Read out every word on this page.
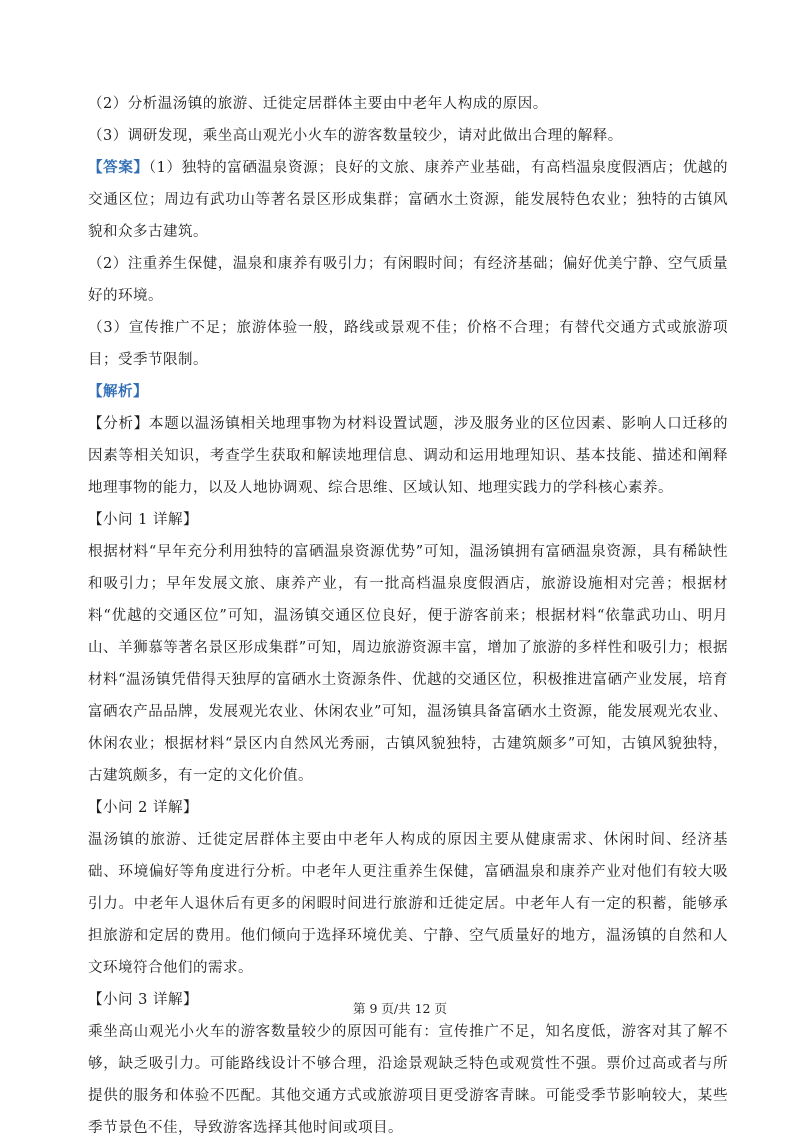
（2）分析温汤镇的旅游、迁徙定居群体主要由中老年人构成的原因。

（3）调研发现，乘坐高山观光小火车的游客数量较少，请对此做出合理的解释。

【答案】（1）独特的富硒温泉资源；良好的文旅、康养产业基础，有高档温泉度假酒店；优越的交通区位；周边有武功山等著名景区形成集群；富硒水土资源，能发展特色农业；独特的古镇风貌和众多古建筑。

（2）注重养生保健，温泉和康养有吸引力；有闲暇时间；有经济基础；偏好优美宁静、空气质量好的环境。

（3）宣传推广不足；旅游体验一般，路线或景观不佳；价格不合理；有替代交通方式或旅游项目；受季节限制。

【解析】

【分析】本题以温汤镇相关地理事物为材料设置试题，涉及服务业的区位因素、影响人口迁移的因素等相关知识，考查学生获取和解读地理信息、调动和运用地理知识、基本技能、描述和阐释地理事物的能力，以及人地协调观、综合思维、区域认知、地理实践力的学科核心素养。

【小问 1 详解】

根据材料“早年充分利用独特的富硒温泉资源优势”可知，温汤镇拥有富硒温泉资源，具有稀缺性和吸引力；早年发展文旅、康养产业，有一批高档温泉度假酒店，旅游设施相对完善；根据材料“优越的交通区位”可知，温汤镇交通区位良好，便于游客前来；根据材料“依靠武功山、明月山、羊狮慕等著名景区形成集群”可知，周边旅游资源丰富，增加了旅游的多样性和吸引力；根据材料“温汤镇凭借得天独厚的富硒水土资源条件、优越的交通区位，积极推进富硒产业发展，培育富硒农产品品牌，发展观光农业、休闲农业”可知，温汤镇具备富硒水土资源，能发展观光农业、休闲农业；根据材料“景区内自然风光秀丽，古镇风貌独特，古建筑颇多”可知，古镇风貌独特，古建筑颇多，有一定的文化价值。

【小问 2 详解】

温汤镇的旅游、迁徙定居群体主要由中老年人构成的原因主要从健康需求、休闲时间、经济基础、环境偏好等角度进行分析。中老年人更注重养生保健，富硒温泉和康养产业对他们有较大吸引力。中老年人退休后有更多的闲暇时间进行旅游和迁徙定居。中老年人有一定的积蓄，能够承担旅游和定居的费用。他们倾向于选择环境优美、宁静、空气质量好的地方，温汤镇的自然和人文环境符合他们的需求。

【小问 3 详解】

乘坐高山观光小火车的游客数量较少的原因可能有：宣传推广不足，知名度低，游客对其了解不够，缺乏吸引力。可能路线设计不够合理，沿途景观缺乏特色或观赏性不强。票价过高或者与所提供的服务和体验不匹配。其他交通方式或旅游项目更受游客青睐。可能受季节影响较大，某些季节景色不佳，导致游客选择其他时间或项目。

第 9 页/共 12 页
